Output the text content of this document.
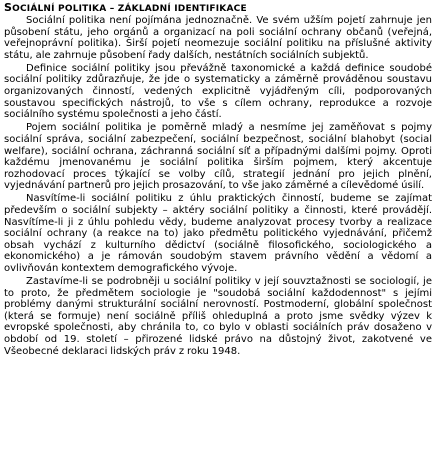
SOCIÁLNÍ POLITIKA – ZÁKLADNÍ IDENTIFIKACE

Sociální politika není pojímána jednoznačně. Ve svém užším pojetí zahrnuje jen působení státu, jeho orgánů a organizací na poli sociální ochrany občanů (veřejná, veřejnoprávní politika). Širší pojetí neomezuje sociální politiku na příslušné aktivity státu, ale zahrnuje působení řady dalších, nestátních sociálních subjektů.

Definice sociální politiky jsou převážně taxonomické a každá definice soudobé sociální politiky zdůrazňuje, že jde o systematicky a záměrně prováděnou soustavu organizovaných činností, vedených explicitně vyjádřeným cíli, podporovaných soustavou specifických nástrojů, to vše s cílem ochrany, reprodukce a rozvoje sociálního systému společnosti a jeho částí.

Pojem sociální politika je poměrně mladý a nesmíme jej zaměňovat s pojmy sociální správa, sociální zabezpečení, sociální bezpečnost, sociální blahobyt (social welfare), sociální ochrana, záchranná sociální síť a případnými dalšími pojmy. Oproti každému jmenovanému je sociální politika širším pojmem, který akcentuje rozhodovací proces týkající se volby cílů, strategií jednání pro jejich plnění, vyjednávání partnerů pro jejich prosazování, to vše jako záměrné a cílevědomé úsilí.

Nasvítíme-li sociální politiku z úhlu praktických činností, budeme se zajímat především o sociální subjekty – aktéry sociální politiky a činnosti, které provádějí. Nasvítíme-li ji z úhlu pohledu vědy, budeme analyzovat procesy tvorby a realizace sociální ochrany (a reakce na to) jako předmětu politického vyjednávání, přičemž obsah vychází z kulturního dědictví (sociálně filosofického, sociologického a ekonomického) a je rámován soudobým stavem právního vědění a vědomí a ovlivňován kontextem demografického vývoje.

Zastavíme-li se podrobněji u sociální politiky v její souvztažnosti se sociologií, je to proto, že předmětem sociologie je "soudobá sociální každodennost" s jejími problémy danými strukturální sociální nerovností. Postmoderní, globální společnost (která se formuje) není sociálně příliš ohleduplná a proto jsme svědky výzev k evropské společnosti, aby chránila to, co bylo v oblasti sociálních práv dosaženo v období od 19. století – přirozené lidské právo na důstojný život, zakotvené ve Všeobecné deklaraci lidských práv z roku 1948.
